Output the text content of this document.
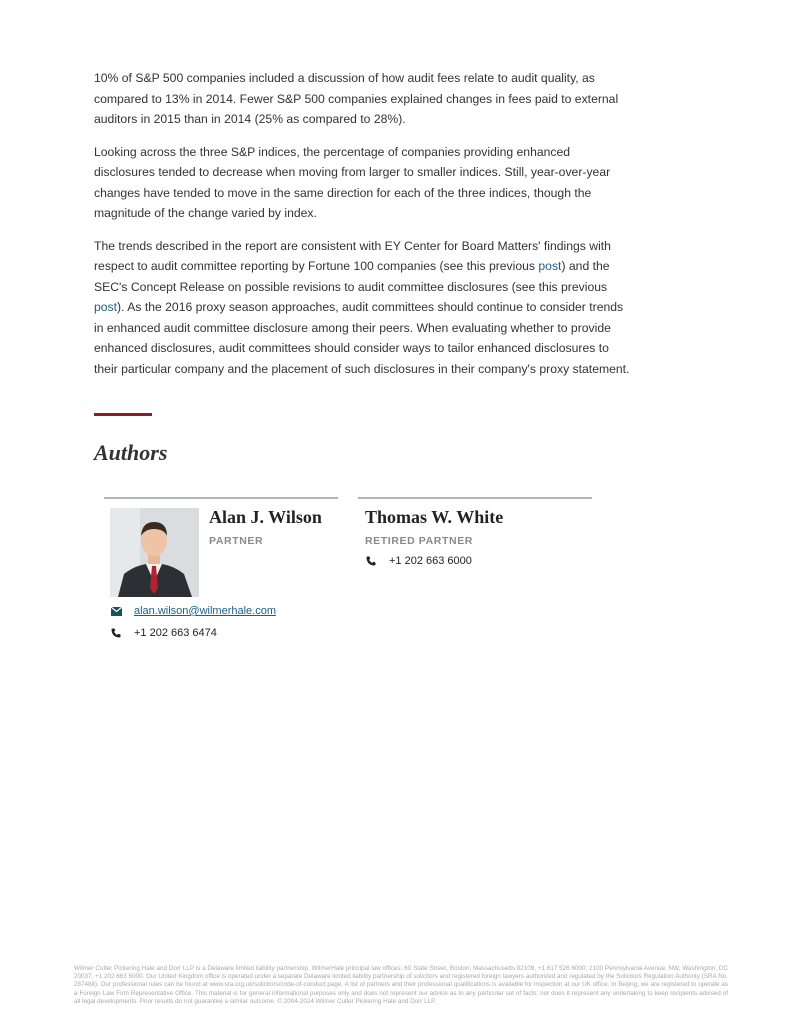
10% of S&P 500 companies included a discussion of how audit fees relate to audit quality, as compared to 13% in 2014. Fewer S&P 500 companies explained changes in fees paid to external auditors in 2015 than in 2014 (25% as compared to 28%).

Looking across the three S&P indices, the percentage of companies providing enhanced disclosures tended to decrease when moving from larger to smaller indices. Still, year-over-year changes have tended to move in the same direction for each of the three indices, though the magnitude of the change varied by index.

The trends described in the report are consistent with EY Center for Board Matters' findings with respect to audit committee reporting by Fortune 100 companies (see this previous post) and the SEC's Concept Release on possible revisions to audit committee disclosures (see this previous post). As the 2016 proxy season approaches, audit committees should continue to consider trends in enhanced audit committee disclosure among their peers. When evaluating whether to provide enhanced disclosures, audit committees should consider ways to tailor enhanced disclosures to their particular company and the placement of such disclosures in their company's proxy statement.

Authors
Alan J. Wilson
PARTNER
alan.wilson@wilmerhale.com
+1 202 663 6474
Thomas W. White
RETIRED PARTNER
+1 202 663 6000
Wilmer Cutler Pickering Hale and Dorr LLP is a Delaware limited liability partnership. WilmerHale principal law offices: 60 State Street, Boston, Massachusetts 02109, +1 617 526 6000; 2100 Pennsylvania Avenue, NW, Washington, DC 20037, +1 202 663 6000. Our United Kingdom office is operated under a separate Delaware limited liability partnership of solicitors and registered foreign lawyers authorized and regulated by the Solicitors Regulation Authority (SRA No. 287488). Our professional rules can be found at www.sra.org.uk/solicitors/code-of-conduct.page. A list of partners and their professional qualifications is available for inspection at our UK office. In Beijing, we are registered to operate as a Foreign Law Firm Representative Office. This material is for general informational purposes only and does not represent our advice as to any particular set of facts; nor does it represent any undertaking to keep recipients advised of all legal developments. Prior results do not guarantee a similar outcome. © 2004-2024 Wilmer Cutler Pickering Hale and Dorr LLP
